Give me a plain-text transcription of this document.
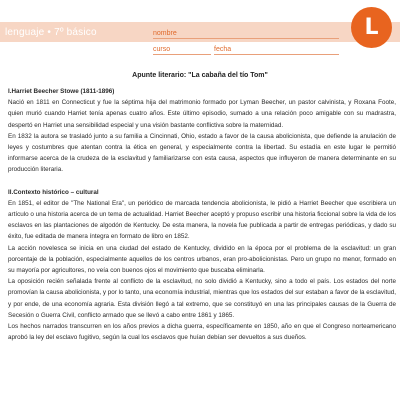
lenguaje • 7º básico	nombre
curso	fecha
L
Apunte literario: "La cabaña del tío Tom"
I.Harriet Beecher Stowe (1811-1896)

Nació en 1811 en Connecticut y fue la séptima hija del matrimonio formado por Lyman Beecher, un pastor calvinista, y Roxana Foote, quien murió cuando Harriet tenía apenas cuatro años. Este último episodio, sumado a una relación poco amigable con su madrastra, despertó en Harriet una sensibilidad especial y una visión bastante conflictiva sobre la maternidad.

En 1832 la autora se trasladó junto a su familia a Cincinnati, Ohio, estado a favor de la causa abolicionista, que defiende la anulación de leyes y costumbres que atentan contra la ética en general, y especialmente contra la libertad. Su estadía en este lugar le permitió informarse acerca de la crudeza de la esclavitud y familiarizarse con esta causa, aspectos que influyeron de manera determinante en su producción literaria.

II.Contexto histórico – cultural

En 1851, el editor de "The National Era", un periódico de marcada tendencia abolicionista, le pidió a Harriet Beecher que escribiera un artículo o una historia acerca de un tema de actualidad. Harriet Beecher aceptó y propuso escribir una historia ficcional sobre la vida de los esclavos en las plantaciones de algodón de Kentucky. De esta manera, la novela fue publicada a partir de entregas periódicas, y dado su éxito, fue editada de manera íntegra en formato de libro en 1852.

La acción novelesca se inicia en una ciudad del estado de Kentucky, dividido en la época por el problema de la esclavitud: un gran porcentaje de la población, especialmente aquellos de los centros urbanos, eran pro-abolicionistas. Pero un grupo no menor, formado en su mayoría por agricultores, no veía con buenos ojos el movimiento que buscaba eliminarla.

La oposición recién señalada frente al conflicto de la esclavitud, no solo dividió a Kentucky, sino a todo el país. Los estados del norte promovían la causa abolicionista, y por lo tanto, una economía industrial, mientras que los estados del sur estaban a favor de la esclavitud, y por ende, de una economía agraria. Esta división llegó a tal extremo, que se constituyó en una las principales causas de la Guerra de Secesión o Guerra Civil, conflicto armado que se llevó a cabo entre 1861 y 1865.

Los hechos narrados transcurren en los años previos a dicha guerra, específicamente en 1850, año en que el Congreso norteamericano aprobó la ley del esclavo fugitivo, según la cual los esclavos que huían debían ser devueltos a sus dueños.
